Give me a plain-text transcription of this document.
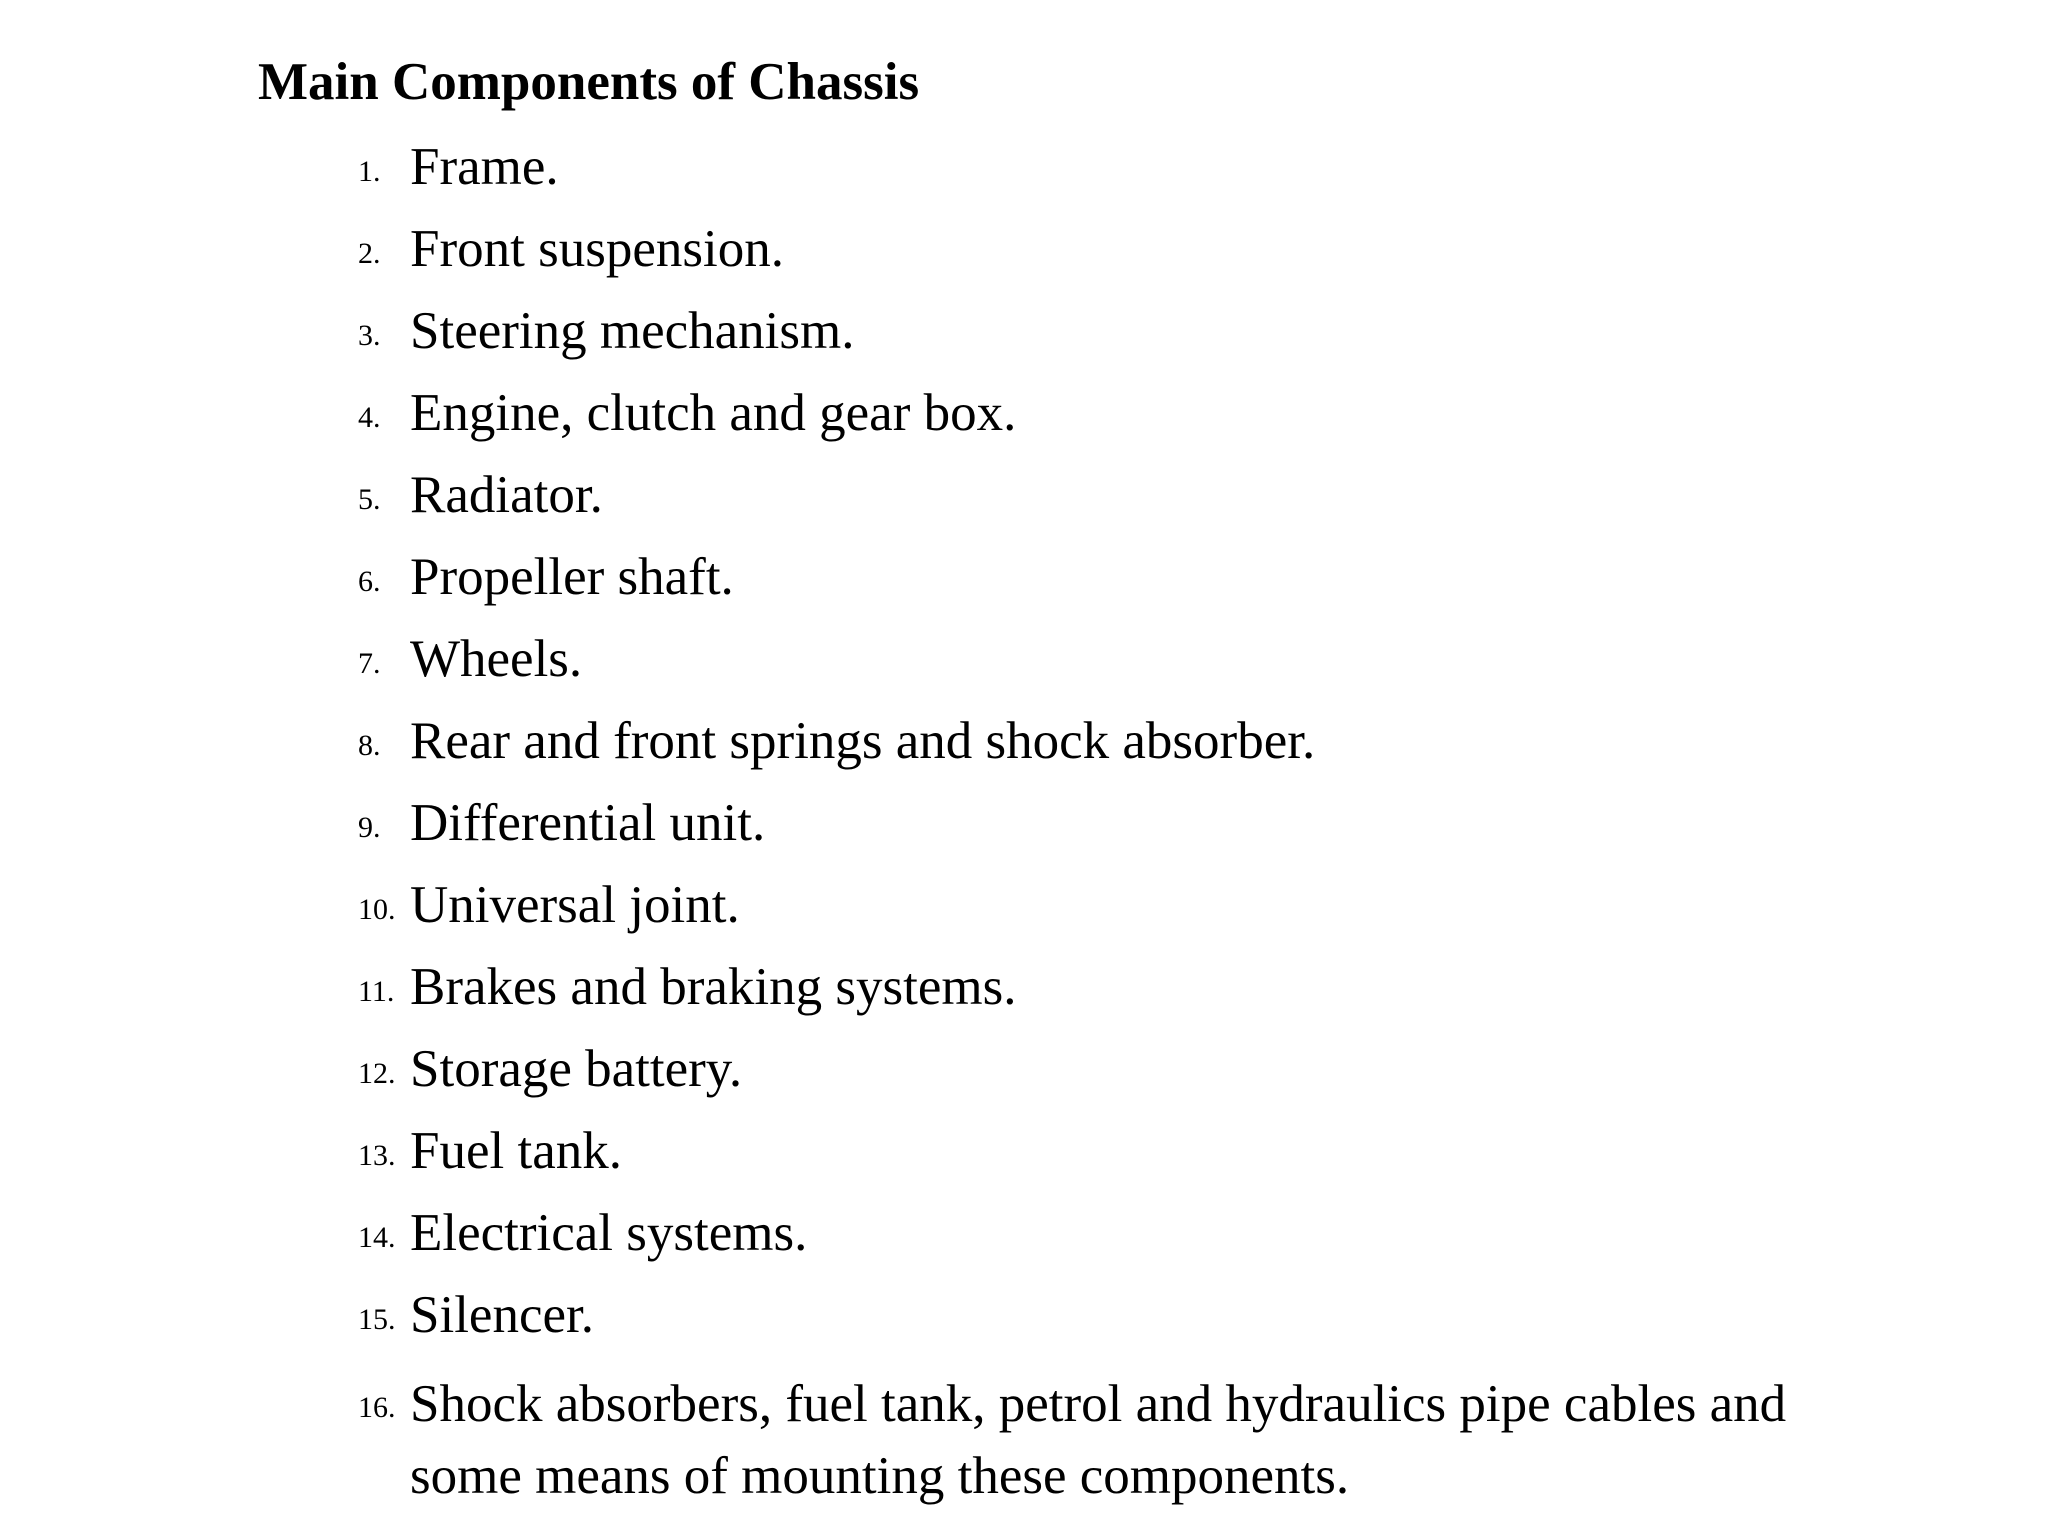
Main Components of Chassis
1. Frame.
2. Front suspension.
3. Steering mechanism.
4. Engine, clutch and gear box.
5. Radiator.
6. Propeller shaft.
7. Wheels.
8. Rear and front springs and shock absorber.
9. Differential unit.
10. Universal joint.
11. Brakes and braking systems.
12. Storage battery.
13. Fuel tank.
14. Electrical systems.
15. Silencer.
16. Shock absorbers, fuel tank, petrol and hydraulics pipe cables and some means of mounting these components.
